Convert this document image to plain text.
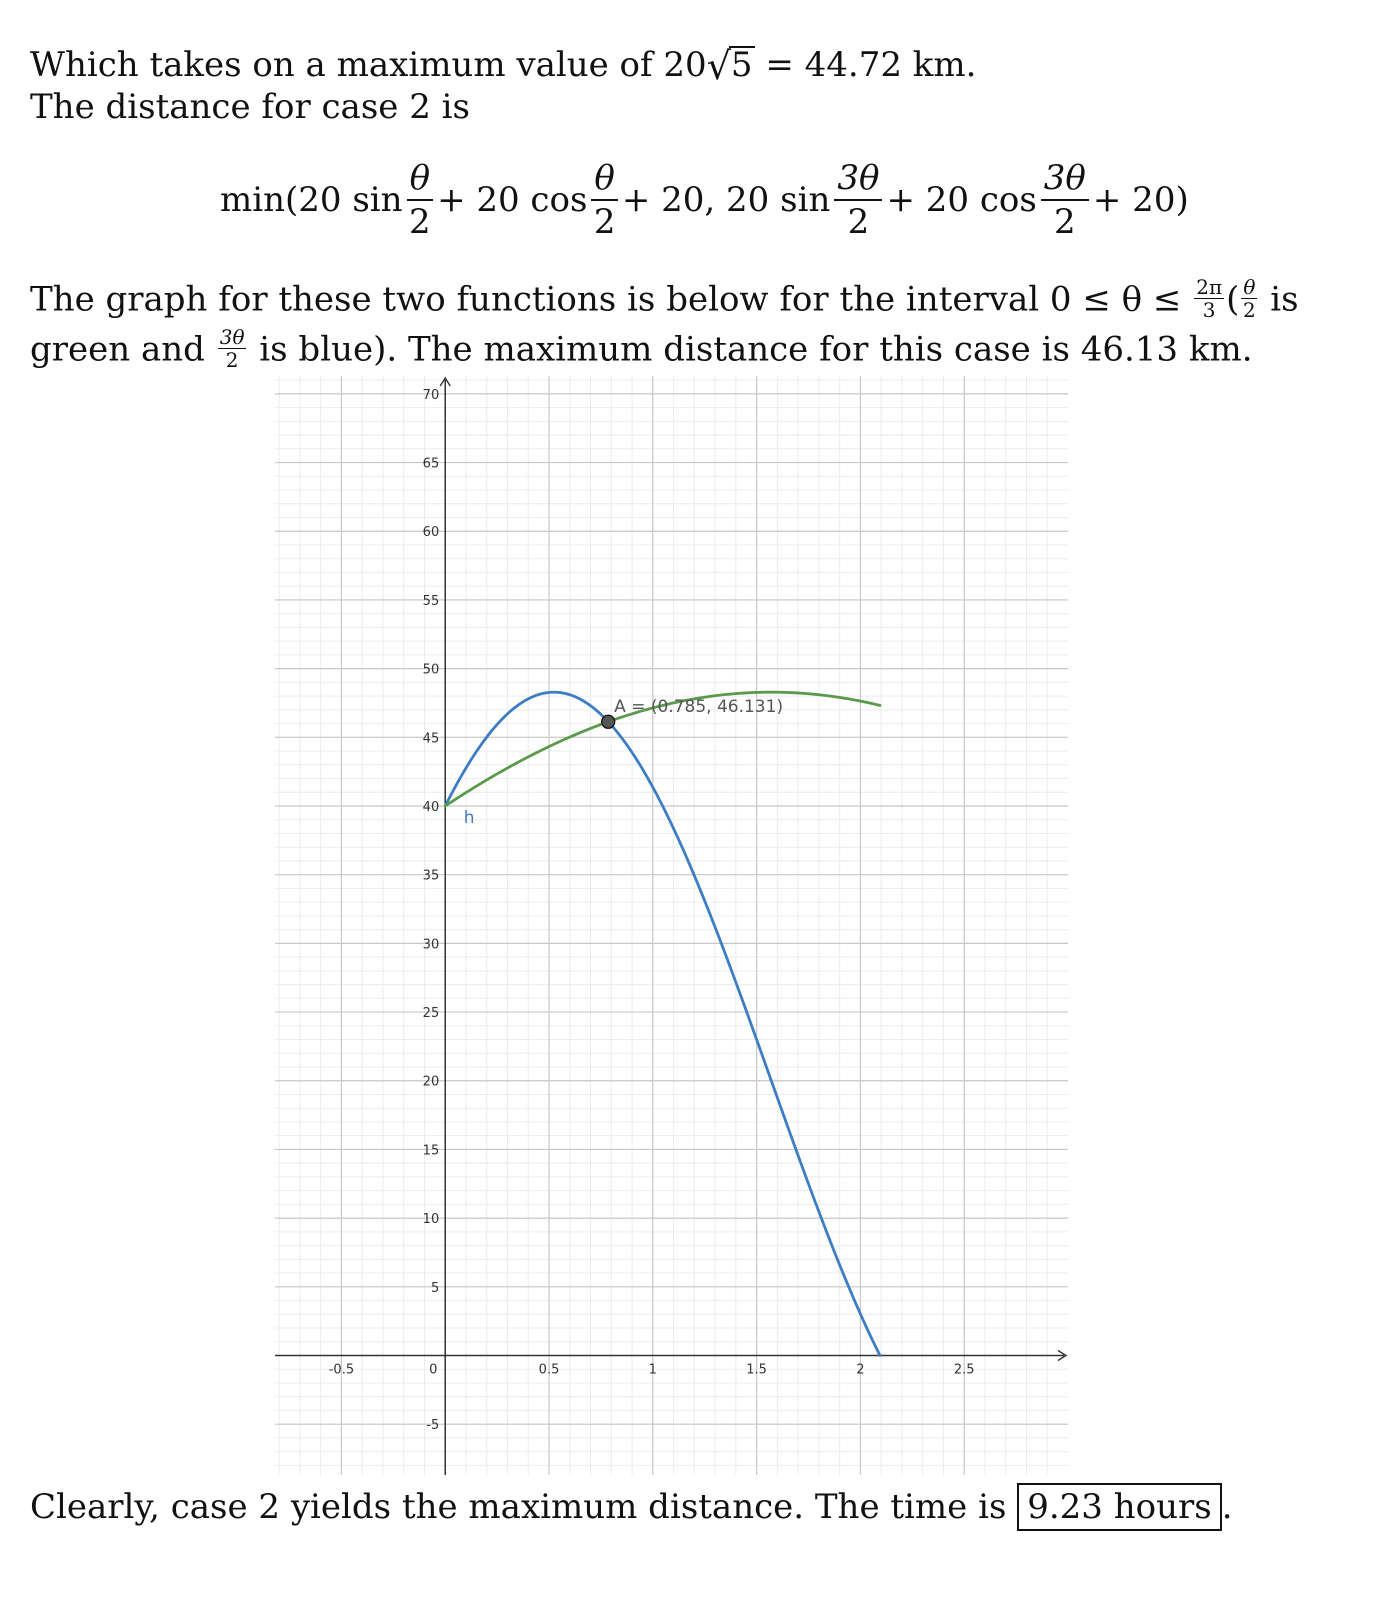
Which takes on a maximum value of 20√5 = 44.72 km.
The distance for case 2 is
min(20 $\sin \frac{\theta}{2} + 20$ $\cos \frac{\theta}{2} + 20$, 20 $\sin \frac{3\theta}{2} + 20$ $\cos \frac{3\theta}{2} + 20$)
The graph for these two functions is below for the interval $0 \le \theta \le \frac{2\pi}{3}$ ( $\frac{\theta}{2}$ is
green and $\frac{3\theta}{2}$ is blue). The maximum distance for this case is 46.13 km.
-0.5	0	0.5	1	1.5	2	2.5
-5
5
10
15
20
25
30
35
40
45
50
55
60
65
70
A = (0.785, 46.131)
h
Clearly, case 2 yields the maximum distance. The time is 9.23 hours .
